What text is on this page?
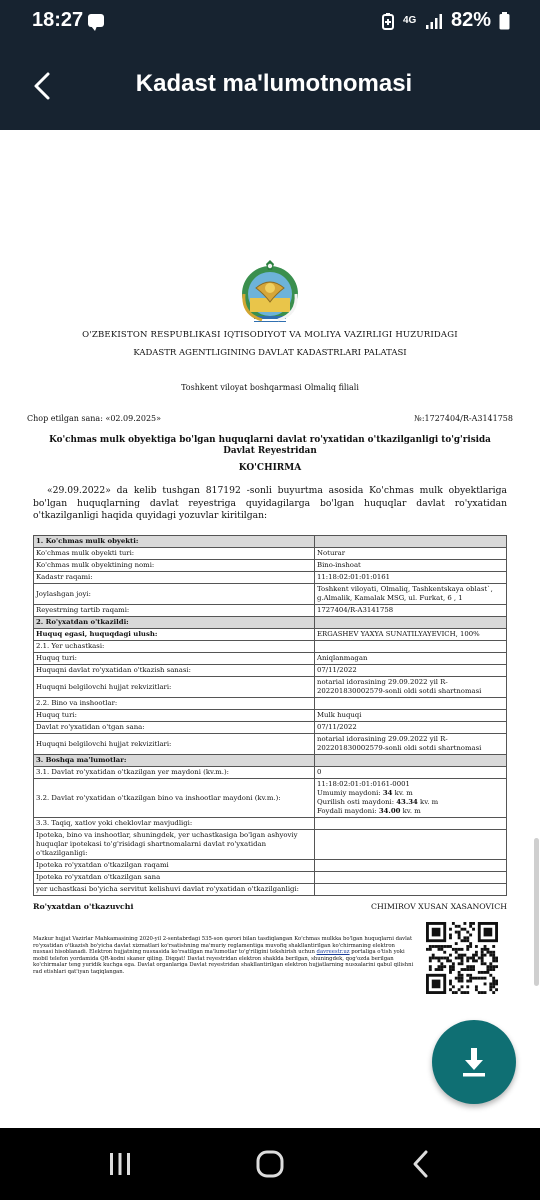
18:27	4G 82%
Kadast ma'lumotnomasi
O'ZBEKISTON RESPUBLIKASI IQTISODIYOT VA MOLIYA VAZIRLIGI HUZURIDAGI
KADASTR AGENTLIGINING DAVLAT KADASTRLARI PALATASI
Toshkent viloyat boshqarmasi Olmaliq filiali
Chop etilgan sana: «02.09.2025»	№:1727404/R-A3141758
Ko'chmas mulk obyektiga bo'lgan huquqlarni davlat ro'yxatidan o'tkazilganligi to'g'risida Davlat Reyestridan
KO'CHIRMA
«29.09.2022» da kelib tushgan 817192 -sonli buyurtma asosida Ko'chmas mulk obyektlariga bo'lgan huquqlarning davlat reyestriga quyidagilarga bo'lgan huquqlar davlat ro'yxatidan o'tkazilganligi haqida quyidagi yozuvlar kiritilgan:
1. Ko'chmas mulk obyekti:	
Ko'chmas mulk obyekti turi:	Noturar
Ko'chmas mulk obyektining nomi:	Bino-inshoat
Kadastr raqami:	11:18:02:01:01:0161
Joylashgan joyi:	Toshkent viloyati, Olmaliq, Tashkentskaya oblast`, g.Almalik, Kamalak MSG, ul. Furkat, 6 , 1
Reyestrning tartib raqami:	1727404/R-A3141758
2. Ro'yxatdan o'tkazildi:	
Huquq egasi, huquqdagi ulush:	ERGASHEV YAXYA SUNATILYAYEVICH, 100%
2.1. Yer uchastkasi:	
Huquq turi:	Aniqlanmagan
Huquqni davlat ro'yxatidan o'tkazish sanasi:	07/11/2022
Huquqni belgilovchi hujjat rekvizitlari:	notarial idorasining 29.09.2022 yil R-202201830002579-sonli oldi sotdi shartnomasi
2.2. Bino va inshootlar:	
Huquq turi:	Mulk huquqi
Davlat ro'yxatidan o'tgan sana:	07/11/2022
Huquqni belgilovchi hujjat rekvizitlari:	notarial idorasining 29.09.2022 yil R-202201830002579-sonli oldi sotdi shartnomasi
3. Boshqa ma'lumotlar:	
3.1. Davlat ro'yxatidan o'tkazilgan yer maydoni (kv.m.):	0
3.2. Davlat ro'yxatidan o'tkazilgan bino va inshootlar maydoni (kv.m.):	11:18:02:01:01:0161-0001
Umumiy maydoni: 34 kv. m
Qurilish osti maydoni: 43.34 kv. m
Foydali maydoni: 34.00 kv. m

3.3. Taqiq, xatlov yoki cheklovlar mavjudligi:	
Ipoteka, bino va inshootlar, shuningdek, yer uchastkasiga bo'lgan ashyoviy huquqlar ipotekasi to'g'risidagi shartnomalarni davlat ro'yxatidan o'tkazilganligi:	
Ipoteka ro'yxatdan o'tkazilgan raqami	
Ipoteka ro'yxatdan o'tkazilgan sana	
yer uchastkasi bo'yicha servitut kelishuvi davlat ro'yxatidan o'tkazilganligi:	
Ro'yxatdan o'tkazuvchi	CHIMIROV XUSAN XASANOVICH
Mazkur hujjat Vazirlar Mahkamasining 2020-yil 2-sentabrdagi 535-son qarori bilan tasdiqlangan Ko'chmas mulkka bo'lgan huquqlarni davlat ro'yxatidan o'tkazish bo'yicha davlat xizmatlari ko'rsatishning ma'muriy reglamentiga muvofiq shakllantirilgan ko'chirmaning elektron nusxasi hisoblanadi. Elektron hujjatning nusxasida ko'rsatilgan ma'lumotlar to'g'riligini tekshirish uchun davreestr.uz portaliga o'tish yoki mobil telefon yordamida QR-kodni skaner qiling. Diqqat! Davlat reyestridan elektron shaklda berilgan, shuningdek, qog'ozda berilgan ko'chirmalar teng yuridik kuchga ega. Davlat organlariga Davlat reyestridan shakllantirilgan elektron hujjatlarning nusxalarini qabul qilishni rad etishlari qat'iyan taqiqlangan.
